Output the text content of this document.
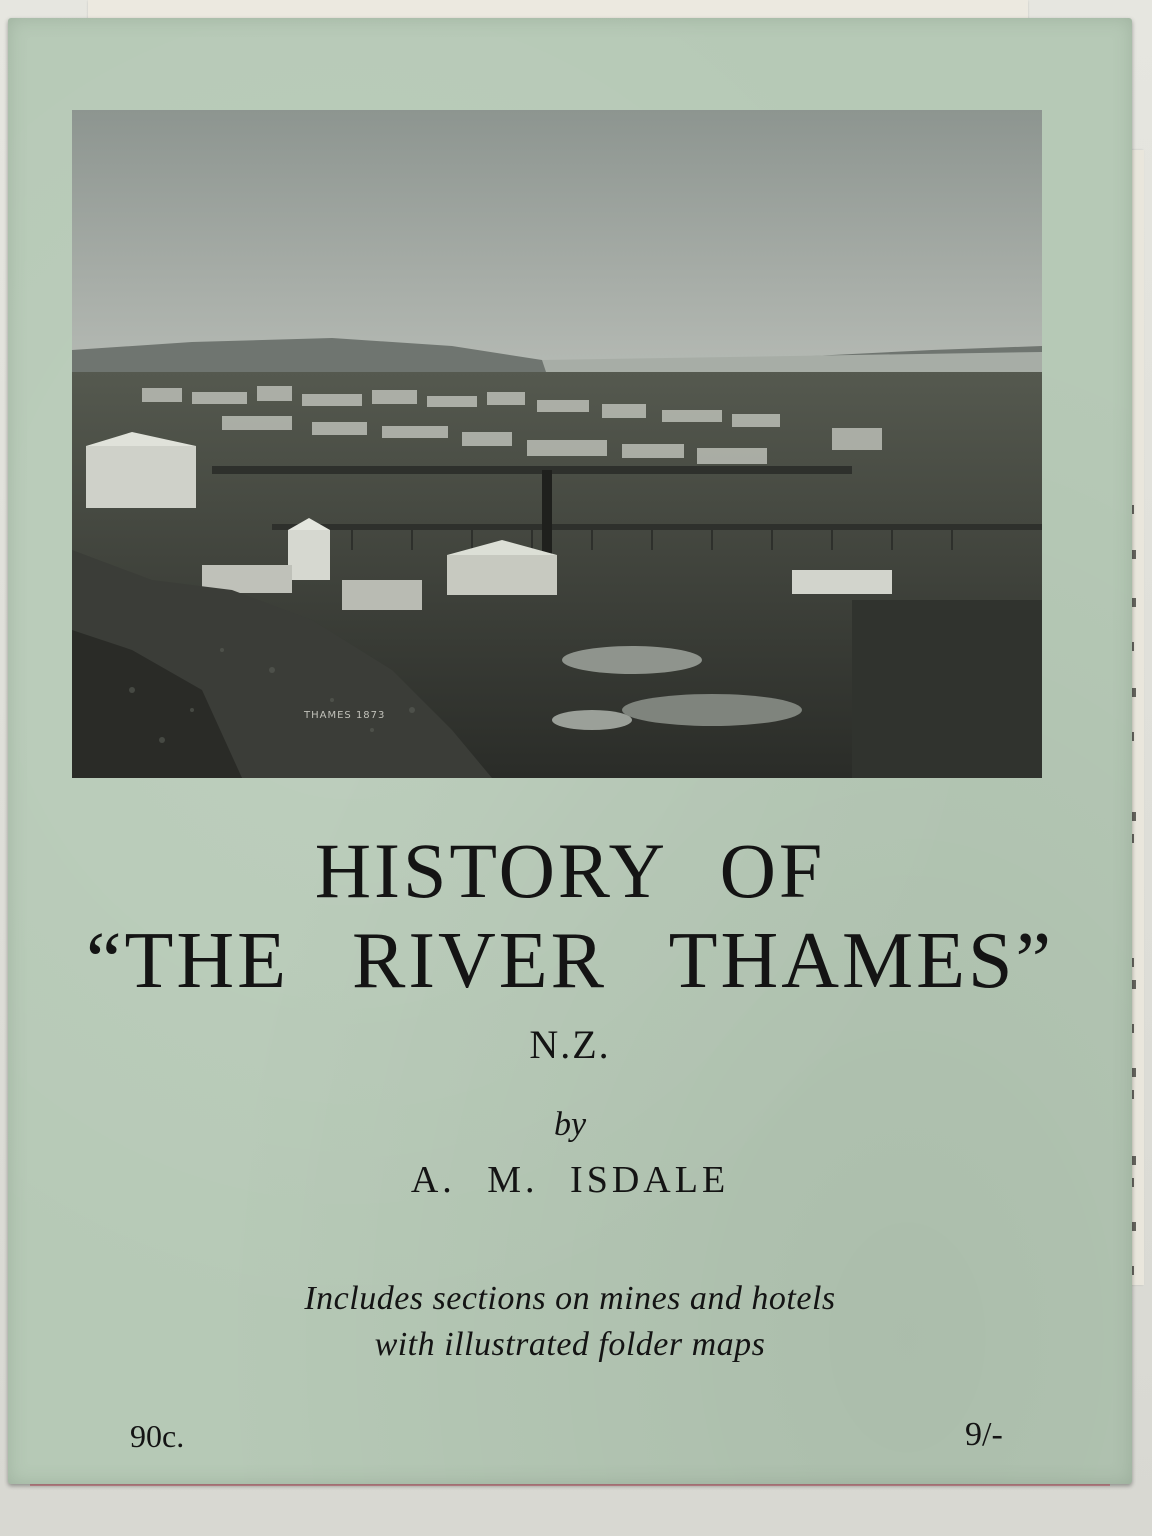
THAMES 1873
HISTORY OF
“THE RIVER THAMES”
N.Z.
by
A. M. ISDALE
Includes sections on mines and hotels
with illustrated folder maps
90c.	9/-
